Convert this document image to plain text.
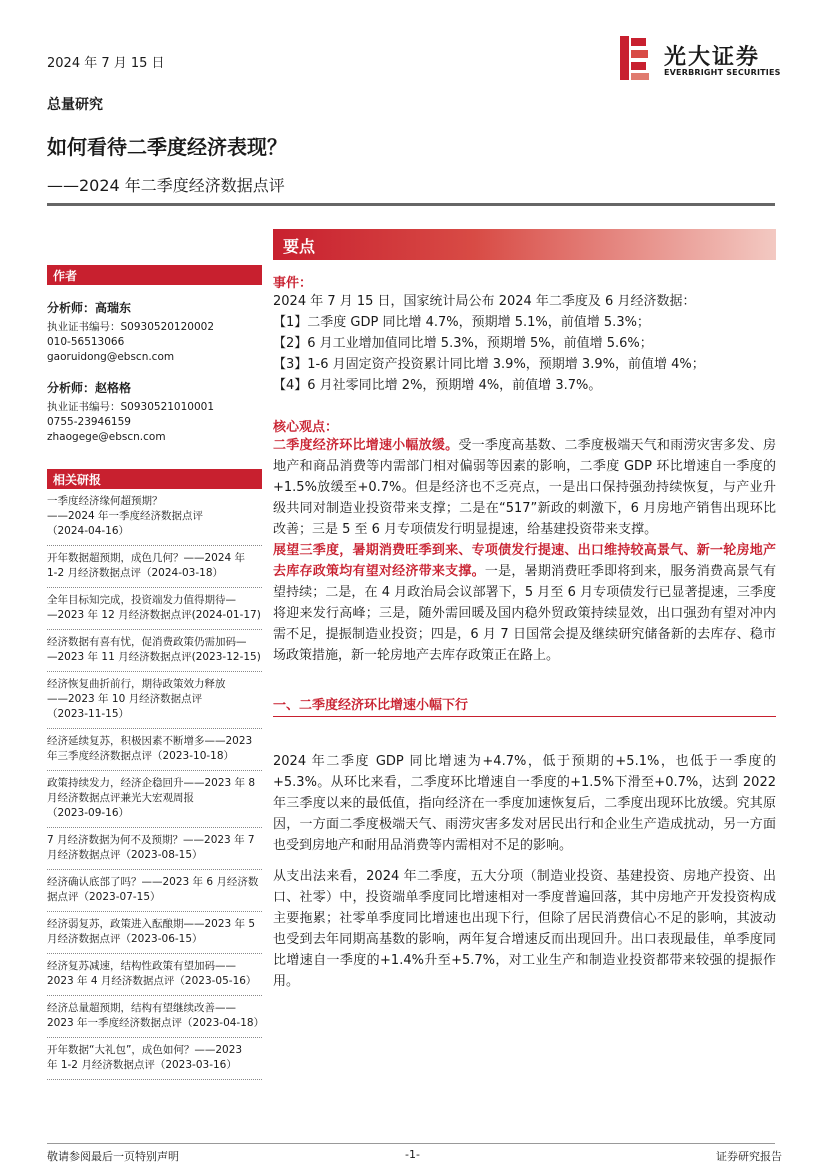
2024 年 7 月 15 日	光大证券
EVERBRIGHT SECURITIES
总量研究
如何看待二季度经济表现？
——2024 年二季度经济数据点评
作者
分析师：高瑞东
执业证书编号：S0930520120002
010-56513066
gaoruidong@ebscn.com
分析师：赵格格
执业证书编号：S0930521010001
0755-23946159
zhaogege@ebscn.com
相关研报
一季度经济缘何超预期？
——2024 年一季度经济数据点评
（2024-04-16）
开年数据超预期，成色几何？——2024 年
1-2 月经济数据点评（2024-03-18）
全年目标知完成，投资端发力值得期待—
—2023 年 12 月经济数据点评(2024-01-17)
经济数据有喜有忧，促消费政策仍需加码—
—2023 年 11 月经济数据点评(2023-12-15)
经济恢复曲折前行，期待政策效力释放
——2023 年 10 月经济数据点评
（2023-11-15）
经济延续复苏，积极因素不断增多——2023
年三季度经济数据点评（2023-10-18）
政策持续发力，经济企稳回升——2023 年 8
月经济数据点评兼光大宏观周报
（2023-09-16）
7 月经济数据为何不及预期？——2023 年 7
月经济数据点评（2023-08-15）
经济确认底部了吗？——2023 年 6 月经济数
据点评（2023-07-15）
经济弱复苏，政策进入酝酿期——2023 年 5
月经济数据点评（2023-06-15）
经济复苏减速，结构性政策有望加码——
2023 年 4 月经济数据点评（2023-05-16）
经济总量超预期，结构有望继续改善——
2023 年一季度经济数据点评（2023-04-18）
开年数据“大礼包”，成色如何？——2023
年 1-2 月经济数据点评（2023-03-16）
要点
事件：
2024 年 7 月 15 日，国家统计局公布 2024 年二季度及 6 月经济数据：
【1】二季度 GDP 同比增 4.7%，预期增 5.1%，前值增 5.3%；
【2】6 月工业增加值同比增 5.3%，预期增 5%，前值增 5.6%；
【3】1-6 月固定资产投资累计同比增 3.9%，预期增 3.9%，前值增 4%；
【4】6 月社零同比增 2%，预期增 4%，前值增 3.7%。
核心观点：

二季度经济环比增速小幅放缓。受一季度高基数、二季度极端天气和雨涝灾害多发、房地产和商品消费等内需部门相对偏弱等因素的影响，二季度 GDP 环比增速自一季度的+1.5%放缓至+0.7%。但是经济也不乏亮点，一是出口保持强劲持续恢复，与产业升级共同对制造业投资带来支撑；二是在“517”新政的刺激下，6 月房地产销售出现环比改善；三是 5 至 6 月专项债发行明显提速，给基建投资带来支撑。

展望三季度，暑期消费旺季到来、专项债发行提速、出口维持较高景气、新一轮房地产去库存政策均有望对经济带来支撑。一是，暑期消费旺季即将到来，服务消费高景气有望持续；二是，在 4 月政治局会议部署下，5 月至 6 月专项债发行已显著提速，三季度将迎来发行高峰；三是，随外需回暖及国内稳外贸政策持续显效，出口强劲有望对冲内需不足，提振制造业投资；四是，6 月 7 日国常会提及继续研究储备新的去库存、稳市场政策措施，新一轮房地产去库存政策正在路上。

一、二季度经济环比增速小幅下行

2024 年二季度 GDP 同比增速为+4.7%，低于预期的+5.1%，也低于一季度的+5.3%。从环比来看，二季度环比增速自一季度的+1.5%下滑至+0.7%，达到 2022 年三季度以来的最低值，指向经济在一季度加速恢复后，二季度出现环比放缓。究其原因，一方面二季度极端天气、雨涝灾害多发对居民出行和企业生产造成扰动，另一方面也受到房地产和耐用品消费等内需相对不足的影响。

从支出法来看，2024 年二季度，五大分项（制造业投资、基建投资、房地产投资、出口、社零）中，投资端单季度同比增速相对一季度普遍回落，其中房地产开发投资构成主要拖累；社零单季度同比增速也出现下行，但除了居民消费信心不足的影响，其波动也受到去年同期高基数的影响，两年复合增速反而出现回升。出口表现最佳，单季度同比增速自一季度的+1.4%升至+5.7%，对工业生产和制造业投资都带来较强的提振作用。

敬请参阅最后一页特别声明	-1-	证券研究报告
